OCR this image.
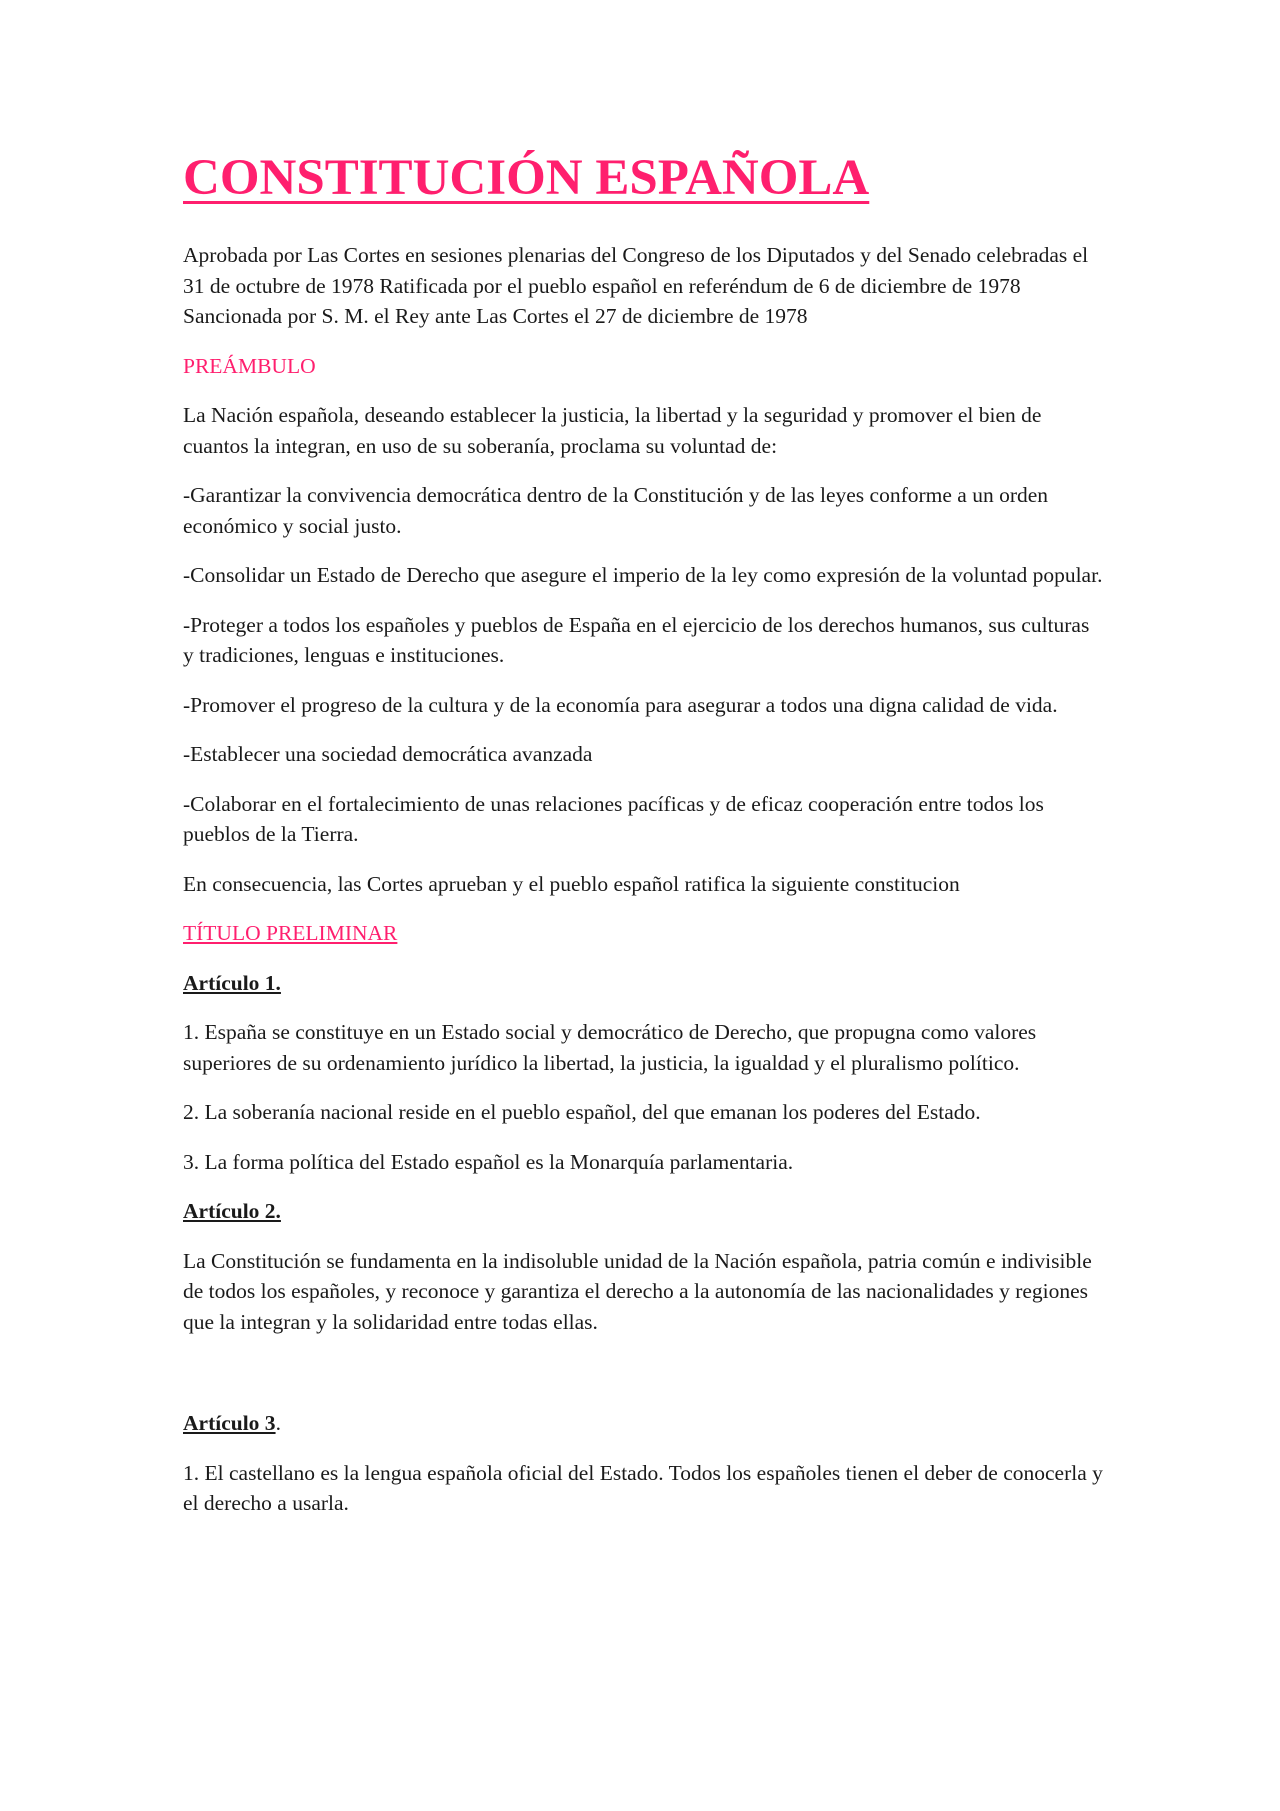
CONSTITUCIÓN ESPAÑOLA

Aprobada por Las Cortes en sesiones plenarias del Congreso de los Diputados y del Senado celebradas el 31 de octubre de 1978 Ratificada por el pueblo español en referéndum de 6 de diciembre de 1978 Sancionada por S. M. el Rey ante Las Cortes el 27 de diciembre de 1978

PREÁMBULO

La Nación española, deseando establecer la justicia, la libertad y la seguridad y promover el bien de cuantos la integran, en uso de su soberanía, proclama su voluntad de:

-Garantizar la convivencia democrática dentro de la Constitución y de las leyes conforme a un orden económico y social justo.

-Consolidar un Estado de Derecho que asegure el imperio de la ley como expresión de la voluntad popular.

-Proteger a todos los españoles y pueblos de España en el ejercicio de los derechos humanos, sus culturas y tradiciones, lenguas e instituciones.

-Promover el progreso de la cultura y de la economía para asegurar a todos una digna calidad de vida.

-Establecer una sociedad democrática avanzada

-Colaborar en el fortalecimiento de unas relaciones pacíficas y de eficaz cooperación entre todos los pueblos de la Tierra.

En consecuencia, las Cortes aprueban y el pueblo español ratifica la siguiente constitucion

TÍTULO PRELIMINAR

Artículo 1.

1. España se constituye en un Estado social y democrático de Derecho, que propugna como valores superiores de su ordenamiento jurídico la libertad, la justicia, la igualdad y el pluralismo político.

2. La soberanía nacional reside en el pueblo español, del que emanan los poderes del Estado.

3. La forma política del Estado español es la Monarquía parlamentaria.

Artículo 2.

La Constitución se fundamenta en la indisoluble unidad de la Nación española, patria común e indivisible de todos los españoles, y reconoce y garantiza el derecho a la autonomía de las nacionalidades y regiones que la integran y la solidaridad entre todas ellas.

Artículo 3.

1. El castellano es la lengua española oficial del Estado. Todos los españoles tienen el deber de conocerla y el derecho a usarla.
